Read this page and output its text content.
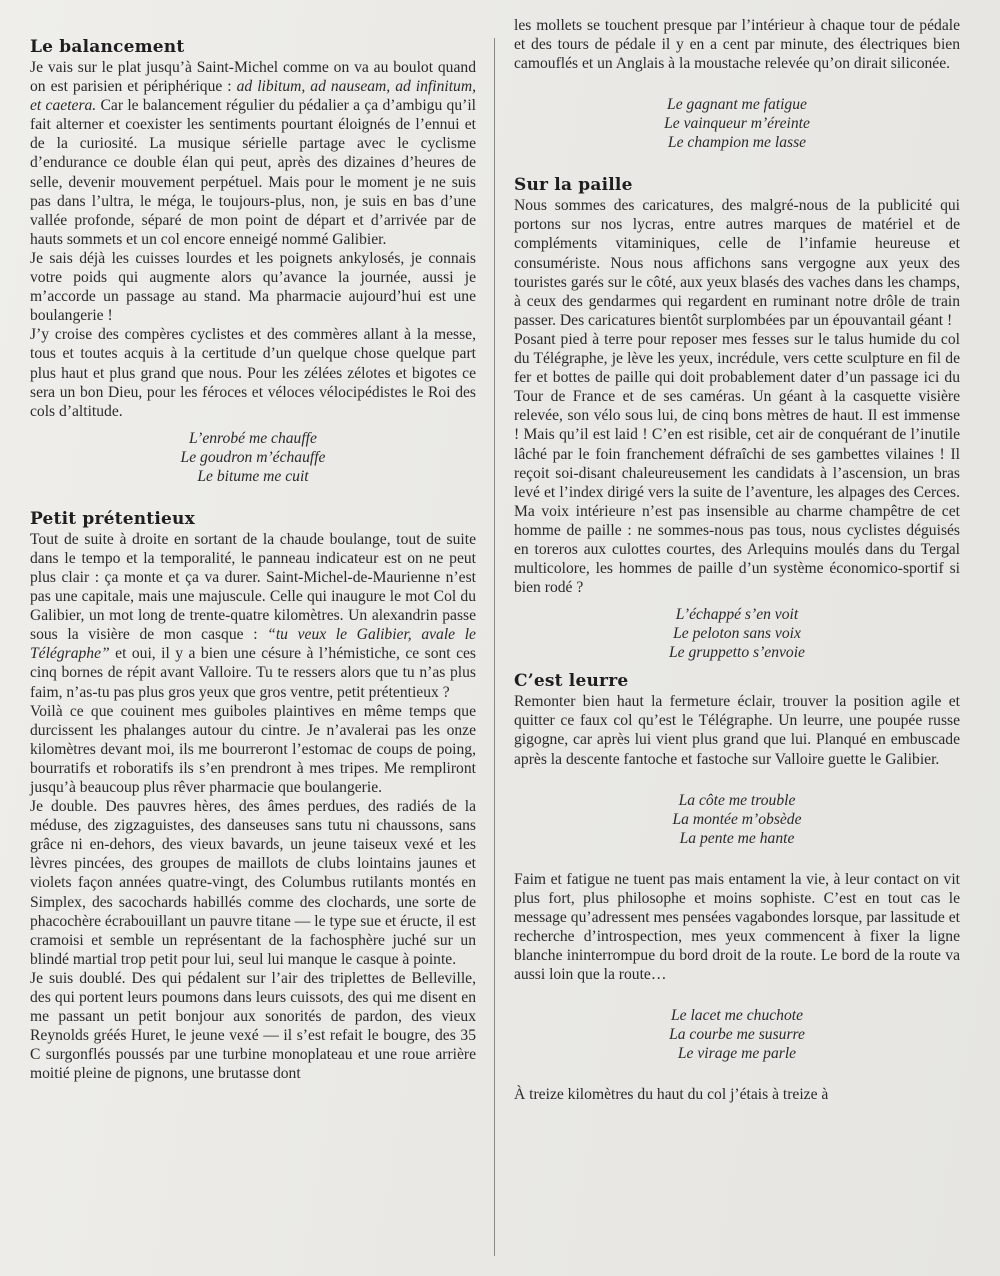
Le balancement

Je vais sur le plat jusqu’à Saint-Michel comme on va au boulot quand on est parisien et périphérique : ad libitum, ad nauseam, ad infinitum, et caetera. Car le balancement régulier du pédalier a ça d’ambigu qu’il fait alterner et coexister les sentiments pourtant éloignés de l’ennui et de la curiosité. La musique sérielle partage avec le cyclisme d’endurance ce double élan qui peut, après des dizaines d’heures de selle, devenir mouvement perpétuel. Mais pour le moment je ne suis pas dans l’ultra, le méga, le toujours-plus, non, je suis en bas d’une vallée profonde, séparé de mon point de départ et d’arrivée par de hauts sommets et un col encore enneigé nommé Galibier.

Je sais déjà les cuisses lourdes et les poignets ankylosés, je connais votre poids qui augmente alors qu’avance la journée, aussi je m’accorde un passage au stand. Ma pharmacie aujourd’hui est une boulangerie !

J’y croise des compères cyclistes et des commères allant à la messe, tous et toutes acquis à la certitude d’un quelque chose quelque part plus haut et plus grand que nous. Pour les zélées zélotes et bigotes ce sera un bon Dieu, pour les féroces et véloces vélocipédistes le Roi des cols d’altitude.

L’enrobé me chauffe
Le goudron m’échauffe
Le bitume me cuit
Petit prétentieux

Tout de suite à droite en sortant de la chaude boulange, tout de suite dans le tempo et la temporalité, le panneau indicateur est on ne peut plus clair : ça monte et ça va durer. Saint-Michel-de-Maurienne n’est pas une capitale, mais une majuscule. Celle qui inaugure le mot Col du Galibier, un mot long de trente-quatre kilomètres. Un alexandrin passe sous la visière de mon casque : “tu veux le Galibier, avale le Télégraphe” et oui, il y a bien une césure à l’hémistiche, ce sont ces cinq bornes de répit avant Valloire. Tu te ressers alors que tu n’as plus faim, n’as-tu pas plus gros yeux que gros ventre, petit prétentieux ?

Voilà ce que couinent mes guiboles plaintives en même temps que durcissent les phalanges autour du cintre. Je n’avalerai pas les onze kilomètres devant moi, ils me bourreront l’estomac de coups de poing, bourratifs et roboratifs ils s’en prendront à mes tripes. Me rempliront jusqu’à beaucoup plus rêver pharmacie que boulangerie.

Je double. Des pauvres hères, des âmes perdues, des radiés de la méduse, des zigzaguistes, des danseuses sans tutu ni chaussons, sans grâce ni en-dehors, des vieux bavards, un jeune taiseux vexé et les lèvres pincées, des groupes de maillots de clubs lointains jaunes et violets façon années quatre-vingt, des Columbus rutilants montés en Simplex, des sacochards habillés comme des clochards, une sorte de phacochère écrabouillant un pauvre titane — le type sue et éructe, il est cramoisi et semble un représentant de la fachosphère juché sur un blindé martial trop petit pour lui, seul lui manque le casque à pointe.

Je suis doublé. Des qui pédalent sur l’air des triplettes de Belleville, des qui portent leurs poumons dans leurs cuissots, des qui me disent en me passant un petit bonjour aux sonorités de pardon, des vieux Reynolds gréés Huret, le jeune vexé — il s’est refait le bougre, des 35 C surgonflés poussés par une turbine monoplateau et une roue arrière moitié pleine de pignons, une brutasse dont

les mollets se touchent presque par l’intérieur à chaque tour de pédale et des tours de pédale il y en a cent par minute, des électriques bien camouflés et un Anglais à la moustache relevée qu’on dirait siliconée.

Le gagnant me fatigue
Le vainqueur m’éreinte
Le champion me lasse
Sur la paille

Nous sommes des caricatures, des malgré-nous de la publicité qui portons sur nos lycras, entre autres marques de matériel et de compléments vitaminiques, celle de l’infamie heureuse et consumériste. Nous nous affichons sans vergogne aux yeux des touristes garés sur le côté, aux yeux blasés des vaches dans les champs, à ceux des gendarmes qui regardent en ruminant notre drôle de train passer. Des caricatures bientôt surplombées par un épouvantail géant !

Posant pied à terre pour reposer mes fesses sur le talus humide du col du Télégraphe, je lève les yeux, incrédule, vers cette sculpture en fil de fer et bottes de paille qui doit probablement dater d’un passage ici du Tour de France et de ses caméras. Un géant à la casquette visière relevée, son vélo sous lui, de cinq bons mètres de haut. Il est immense ! Mais qu’il est laid ! C’en est risible, cet air de conquérant de l’inutile lâché par le foin franchement défraîchi de ses gambettes vilaines ! Il reçoit soi-disant chaleureusement les candidats à l’ascension, un bras levé et l’index dirigé vers la suite de l’aventure, les alpages des Cerces. Ma voix intérieure n’est pas insensible au charme champêtre de cet homme de paille : ne sommes-nous pas tous, nous cyclistes déguisés en toreros aux culottes courtes, des Arlequins moulés dans du Tergal multicolore, les hommes de paille d’un système économico-sportif si bien rodé ?

L’échappé s’en voit
Le peloton sans voix
Le gruppetto s’envoie
C’est leurre

Remonter bien haut la fermeture éclair, trouver la position agile et quitter ce faux col qu’est le Télégraphe. Un leurre, une poupée russe gigogne, car après lui vient plus grand que lui. Planqué en embuscade après la descente fantoche et fastoche sur Valloire guette le Galibier.

La côte me trouble
La montée m’obsède
La pente me hante

Faim et fatigue ne tuent pas mais entament la vie, à leur contact on vit plus fort, plus philosophe et moins sophiste. C’est en tout cas le message qu’adressent mes pensées vagabondes lorsque, par lassitude et recherche d’introspection, mes yeux commencent à fixer la ligne blanche ininterrompue du bord droit de la route. Le bord de la route va aussi loin que la route…

Le lacet me chuchote
La courbe me susurre
Le virage me parle

À treize kilomètres du haut du col j’étais à treize à
